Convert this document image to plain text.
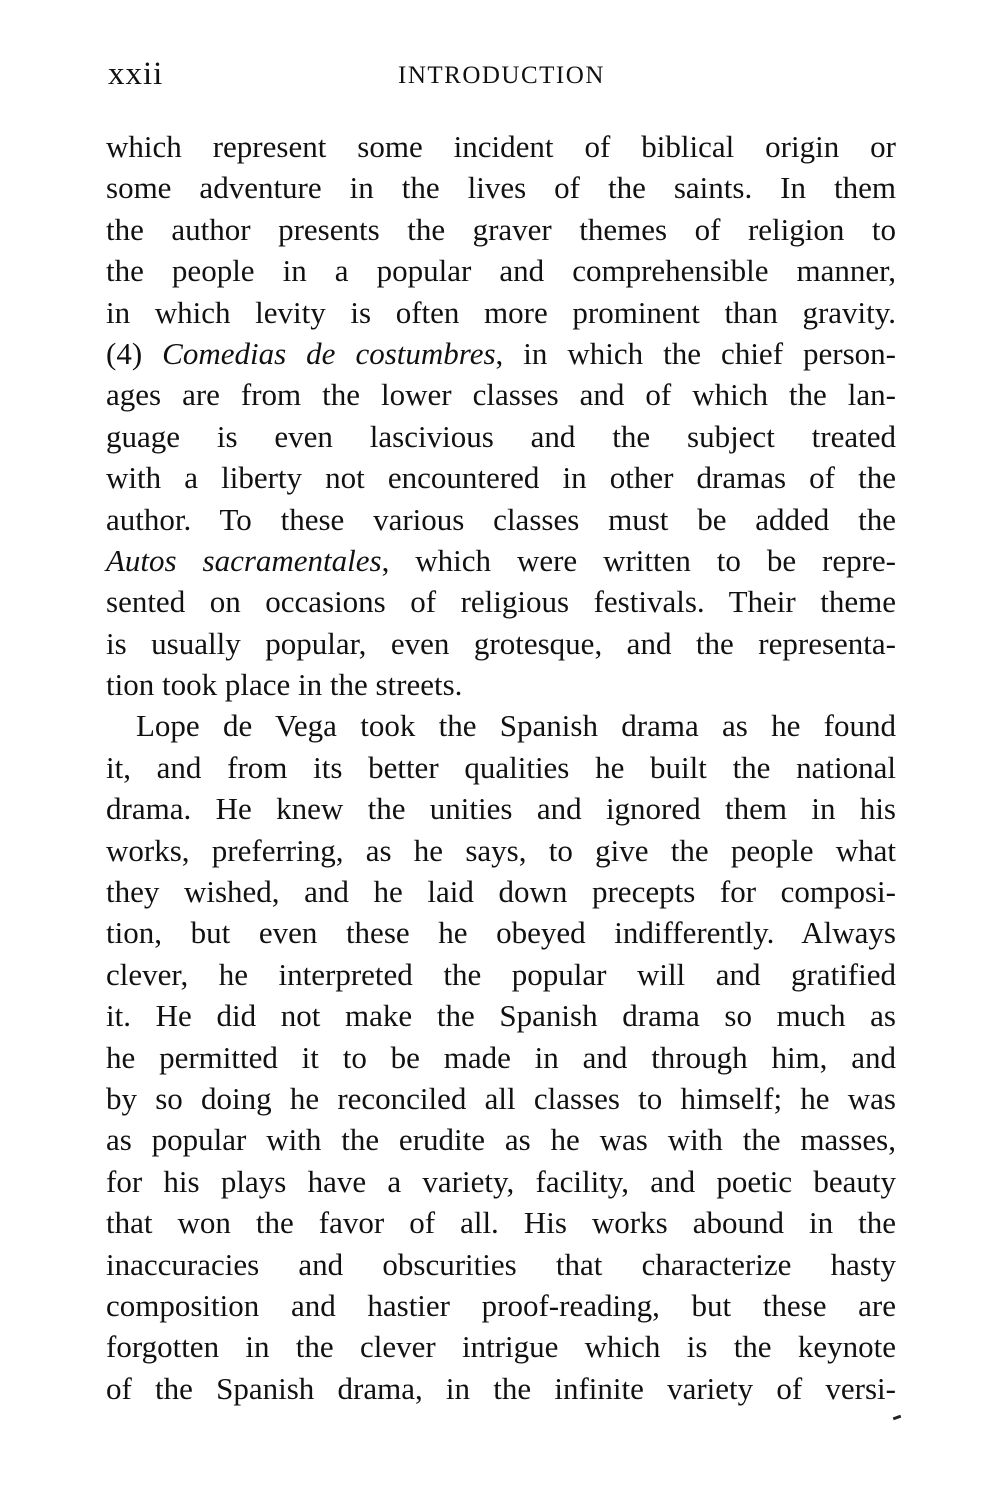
xxii	INTRODUCTION
which represent some incident of biblical origin or
some adventure in the lives of the saints. In them
the author presents the graver themes of religion to
the people in a popular and comprehensible manner,
in which levity is often more prominent than gravity.
(4) Comedias de costumbres, in which the chief person-
ages are from the lower classes and of which the lan-
guage is even lascivious and the subject treated
with a liberty not encountered in other dramas of the
author. To these various classes must be added the
Autos sacramentales, which were written to be repre-
sented on occasions of religious festivals. Their theme
is usually popular, even grotesque, and the representa-
tion took place in the streets.
Lope de Vega took the Spanish drama as he found
it, and from its better qualities he built the national
drama. He knew the unities and ignored them in his
works, preferring, as he says, to give the people what
they wished, and he laid down precepts for composi-
tion, but even these he obeyed indifferently. Always
clever, he interpreted the popular will and gratified
it. He did not make the Spanish drama so much as
he permitted it to be made in and through him, and
by so doing he reconciled all classes to himself; he was
as popular with the erudite as he was with the masses,
for his plays have a variety, facility, and poetic beauty
that won the favor of all. His works abound in the
inaccuracies and obscurities that characterize hasty
composition and hastier proof-reading, but these are
forgotten in the clever intrigue which is the keynote
of the Spanish drama, in the infinite variety of versi-
